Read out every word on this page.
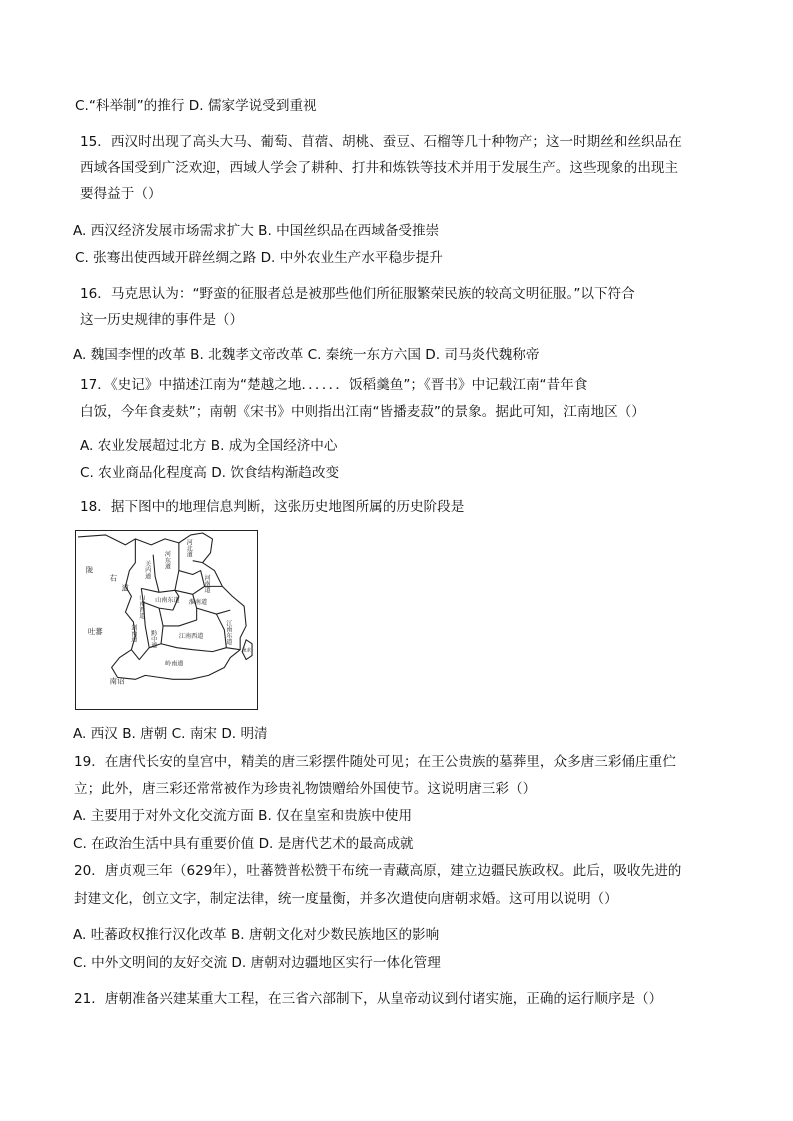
C.“科举制”的推行 D. 儒家学说受到重视
15．西汉时出现了高头大马、葡萄、苜蓿、胡桃、蚕豆、石榴等几十种物产；这一时期丝和丝织品在
西域各国受到广泛欢迎，西域人学会了耕种、打井和炼铁等技术并用于发展生产。这些现象的出现主
要得益于（）
A. 西汉经济发展市场需求扩大 B. 中国丝织品在西域备受推崇
C. 张骞出使西域开辟丝绸之路 D. 中外农业生产水平稳步提升
16．马克思认为：“野蛮的征服者总是被那些他们所征服繁荣民族的较高文明征服。”以下符合
这一历史规律的事件是（）
A. 魏国李悝的改革 B. 北魏孝文帝改革 C. 秦统一东方六国 D. 司马炎代魏称帝
17．《史记》中描述江南为“楚越之地．．．．．．饭稻羹鱼”；《晋书》中记载江南“昔年食
白饭，今年食麦麸”；南朝《宋书》中则指出江南“皆播麦菽”的景象。据此可知，江南地区（）
A. 农业发展超过北方 B. 成为全国经济中心
C. 农业商品化程度高 D. 饮食结构渐趋改变
18．据下图中的地理信息判断，这张历史地图所属的历史阶段是
陇
右
道
吐蕃
南诏
关内道
河东道
河北道
河南道
山南西道 山南东道 淮南道
剑南道 黔中道	江南西道	江南东道
岭南道
流求
A. 西汉 B. 唐朝 C. 南宋 D. 明清
19．在唐代长安的皇宫中，精美的唐三彩摆件随处可见；在王公贵族的墓葬里，众多唐三彩俑庄重伫
立；此外，唐三彩还常常被作为珍贵礼物馈赠给外国使节。这说明唐三彩（）
A. 主要用于对外文化交流方面 B. 仅在皇室和贵族中使用
C. 在政治生活中具有重要价值 D. 是唐代艺术的最高成就
20．唐贞观三年（629年），吐蕃赞普松赞干布统一青藏高原，建立边疆民族政权。此后，吸收先进的
封建文化，创立文字，制定法律，统一度量衡，并多次遣使向唐朝求婚。这可用以说明（）
A. 吐蕃政权推行汉化改革 B. 唐朝文化对少数民族地区的影响
C. 中外文明间的友好交流 D. 唐朝对边疆地区实行一体化管理
21．唐朝准备兴建某重大工程，在三省六部制下，从皇帝动议到付诸实施，正确的运行顺序是（）
